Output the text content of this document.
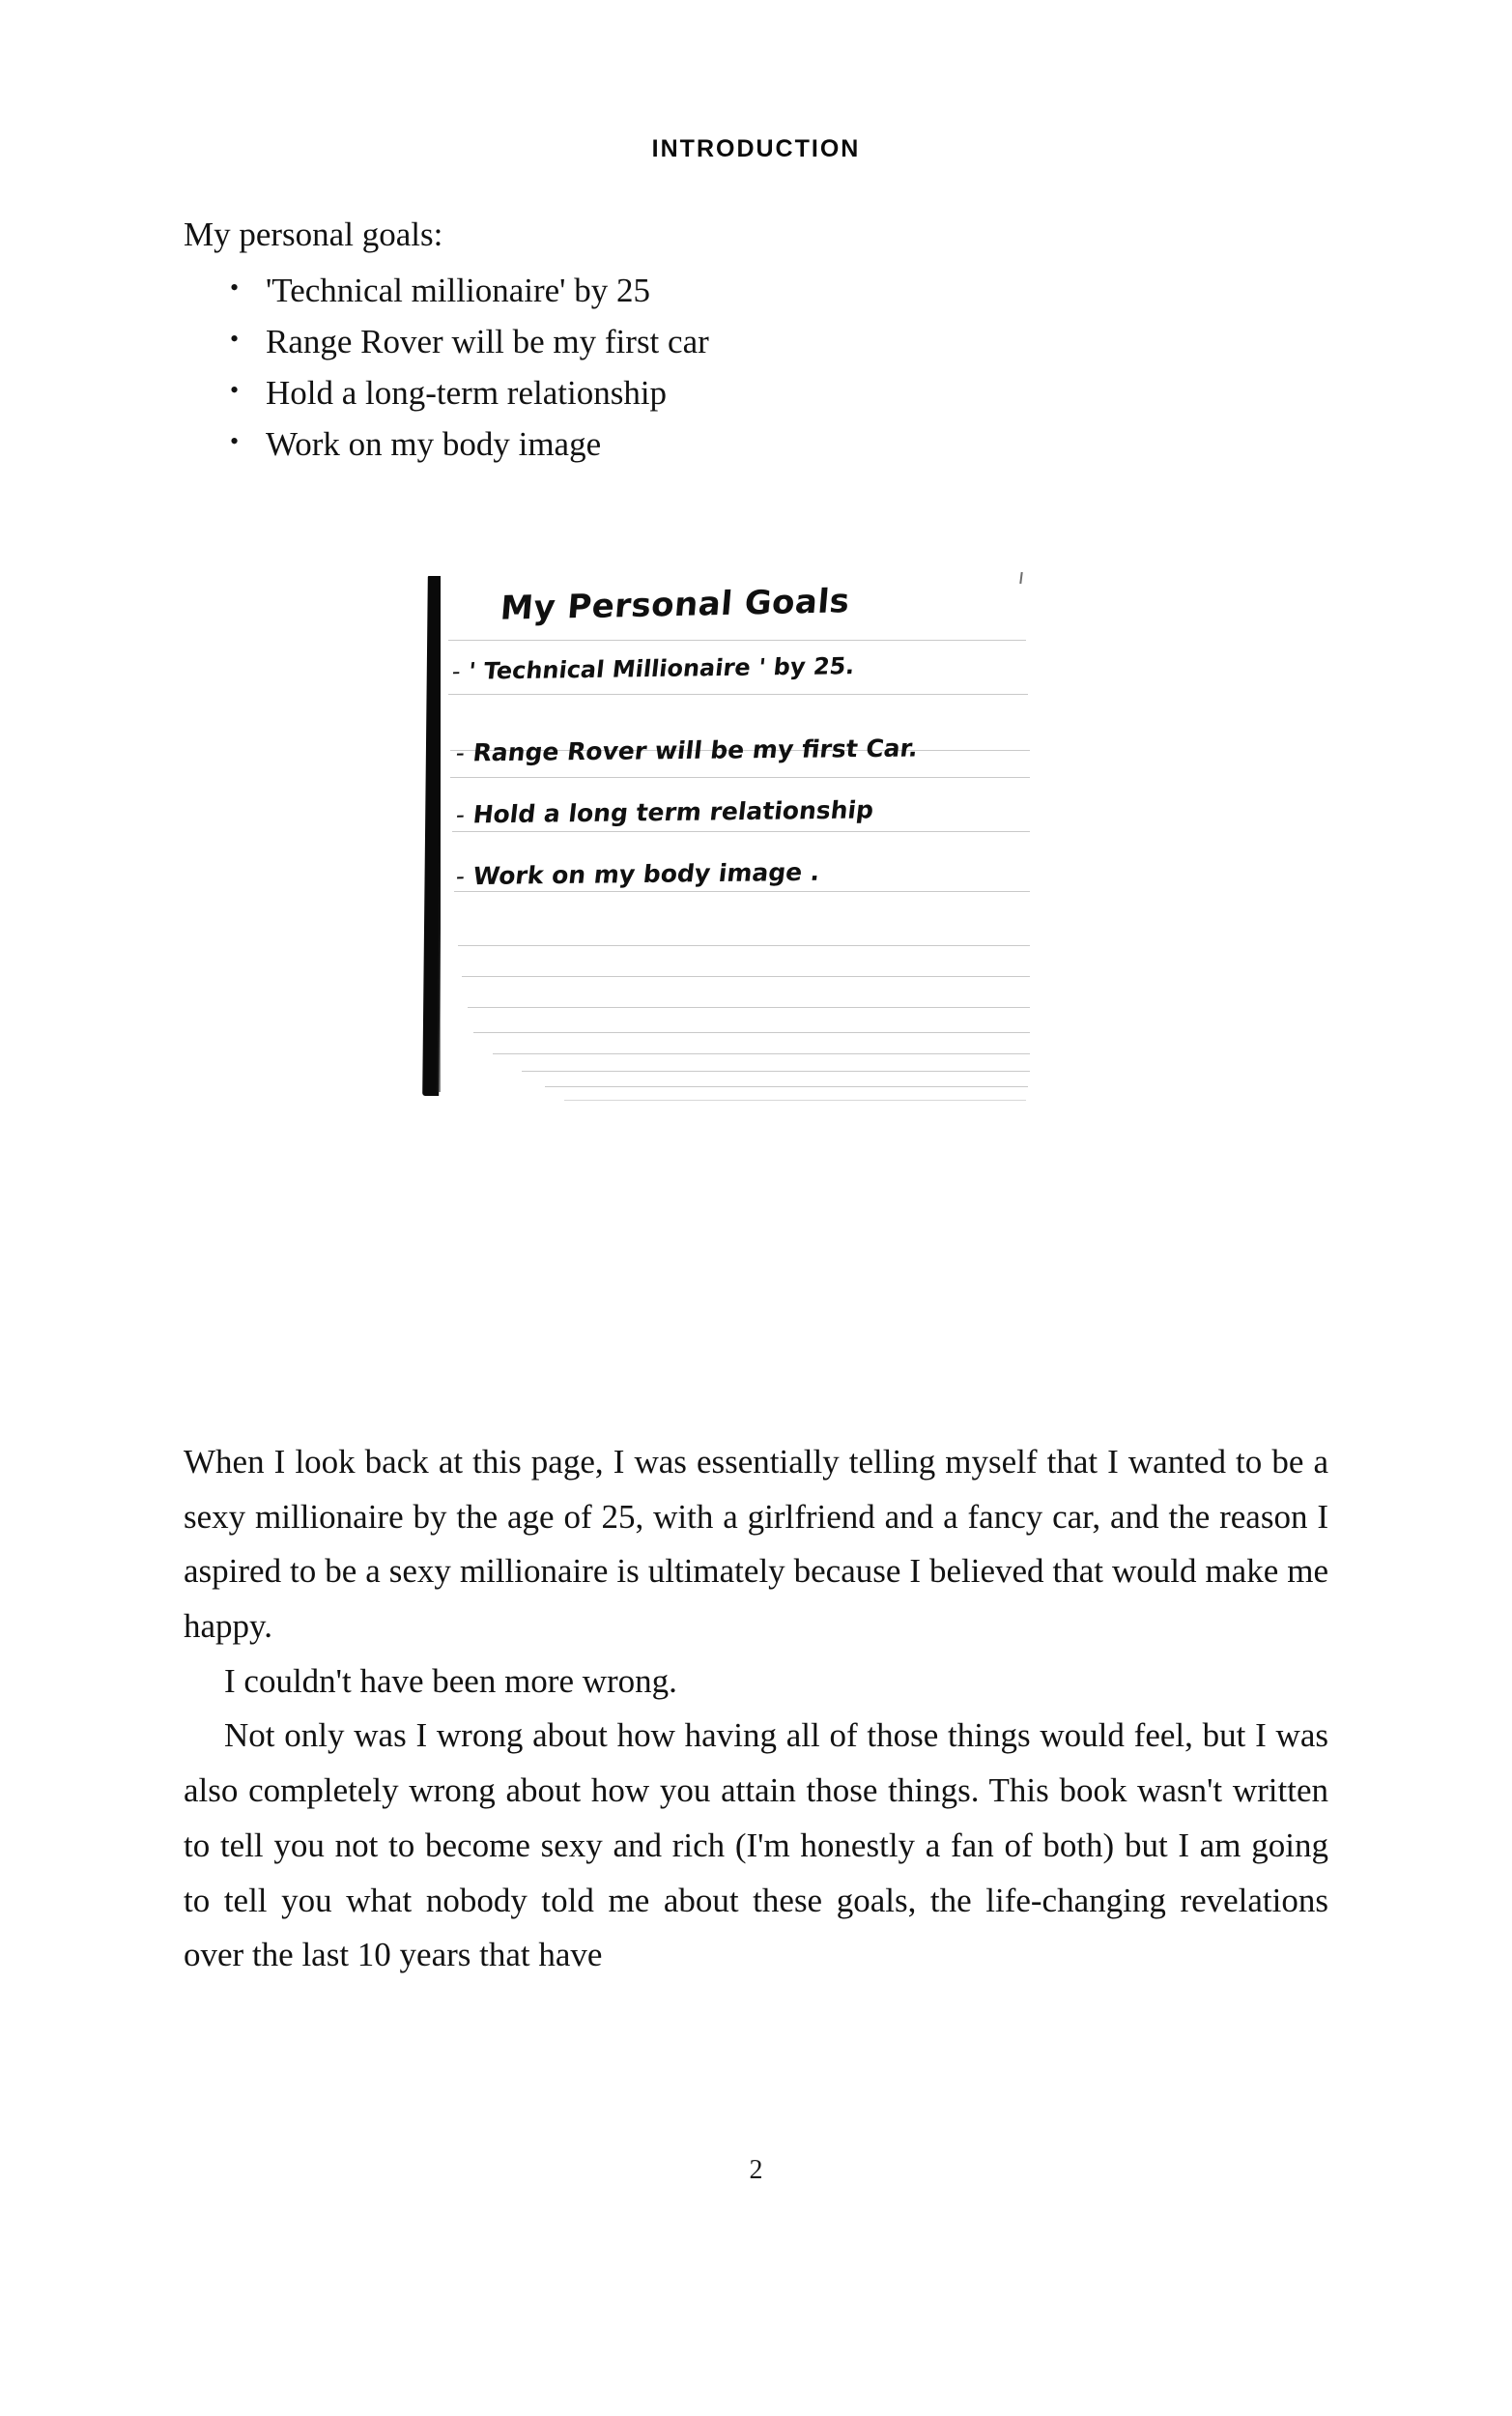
INTRODUCTION

My personal goals:

• 'Technical millionaire' by 25
• Range Rover will be my first car
• Hold a long-term relationship
• Work on my body image
My Personal Goals
- ' Technical Millionaire ' by 25.
- Range Rover will be my first Car.
- Hold a long term relationship
- Work on my body image .

When I look back at this page, I was essentially telling myself that I wanted to be a sexy millionaire by the age of 25, with a girlfriend and a fancy car, and the reason I aspired to be a sexy millionaire is ultimately because I believed that would make me happy.

I couldn't have been more wrong.

Not only was I wrong about how having all of those things would feel, but I was also completely wrong about how you attain those things. This book wasn't written to tell you not to become sexy and rich (I'm honestly a fan of both) but I am going to tell you what nobody told me about these goals, the life-changing revelations over the last 10 years that have

2
